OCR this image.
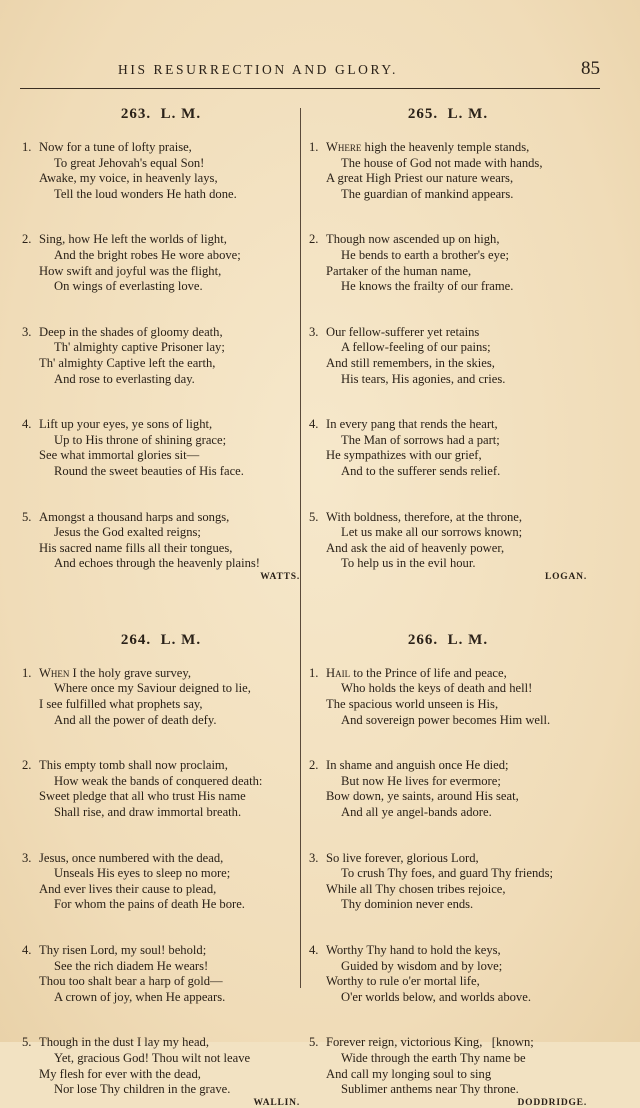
HIS RESURRECTION AND GLORY.	85
263. L. M.
1. Now for a tune of lofty praise,
To great Jehovah's equal Son!
Awake, my voice, in heavenly lays,
Tell the loud wonders He hath done.
2. Sing, how He left the worlds of light,
And the bright robes He wore above;
How swift and joyful was the flight,
On wings of everlasting love.
3. Deep in the shades of gloomy death,
Th' almighty captive Prisoner lay;
Th' almighty Captive left the earth,
And rose to everlasting day.
4. Lift up your eyes, ye sons of light,
Up to His throne of shining grace;
See what immortal glories sit—
Round the sweet beauties of His face.
5. Amongst a thousand harps and songs,
Jesus the God exalted reigns;
His sacred name fills all their tongues,
And echoes through the heavenly plains!
WATTS.
264. L. M.
1. When I the holy grave survey,
Where once my Saviour deigned to lie,
I see fulfilled what prophets say,
And all the power of death defy.
2. This empty tomb shall now proclaim,
How weak the bands of conquered death:
Sweet pledge that all who trust His name
Shall rise, and draw immortal breath.
3. Jesus, once numbered with the dead,
Unseals His eyes to sleep no more;
And ever lives their cause to plead,
For whom the pains of death He bore.
4. Thy risen Lord, my soul! behold;
See the rich diadem He wears!
Thou too shalt bear a harp of gold—
A crown of joy, when He appears.
5. Though in the dust I lay my head,
Yet, gracious God! Thou wilt not leave
My flesh for ever with the dead,
Nor lose Thy children in the grave.
WALLIN.
265. L. M.
1. Where high the heavenly temple stands,
The house of God not made with hands,
A great High Priest our nature wears,
The guardian of mankind appears.
2. Though now ascended up on high,
He bends to earth a brother's eye;
Partaker of the human name,
He knows the frailty of our frame.
3. Our fellow-sufferer yet retains
A fellow-feeling of our pains;
And still remembers, in the skies,
His tears, His agonies, and cries.
4. In every pang that rends the heart,
The Man of sorrows had a part;
He sympathizes with our grief,
And to the sufferer sends relief.
5. With boldness, therefore, at the throne,
Let us make all our sorrows known;
And ask the aid of heavenly power,
To help us in the evil hour.
LOGAN.
266. L. M.
1. Hail to the Prince of life and peace,
Who holds the keys of death and hell!
The spacious world unseen is His,
And sovereign power becomes Him well.
2. In shame and anguish once He died;
But now He lives for evermore;
Bow down, ye saints, around His seat,
And all ye angel-bands adore.
3. So live forever, glorious Lord,
To crush Thy foes, and guard Thy friends;
While all Thy chosen tribes rejoice,
Thy dominion never ends.
4. Worthy Thy hand to hold the keys,
Guided by wisdom and by love;
Worthy to rule o'er mortal life,
O'er worlds below, and worlds above.
5. Forever reign, victorious King,   [known;
Wide through the earth Thy name be
And call my longing soul to sing
Sublimer anthems near Thy throne.
DODDRIDGE.
